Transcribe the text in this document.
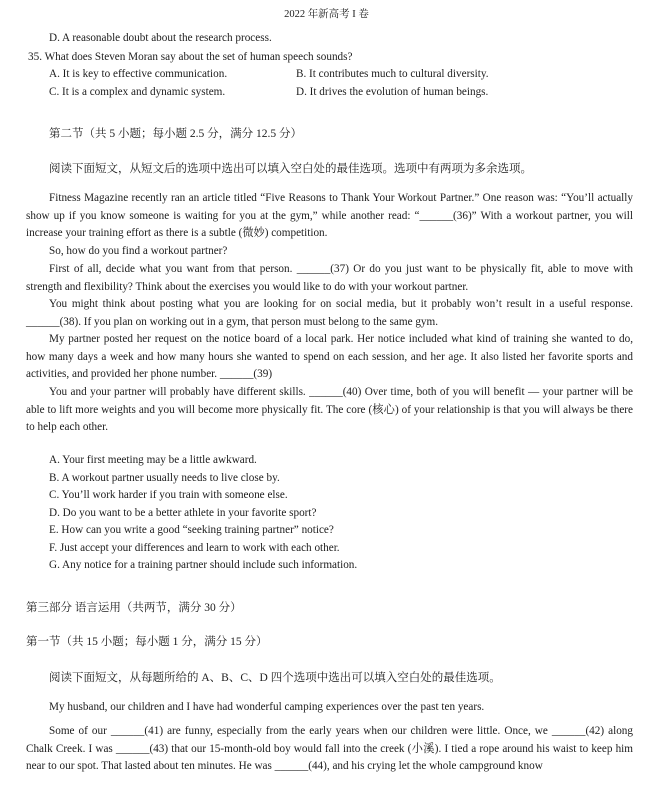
2022 年新高考 I 卷
D. A reasonable doubt about the research process.
35. What does Steven Moran say about the set of human speech sounds?
A. It is key to effective communication.	B. It contributes much to cultural diversity.
C. It is a complex and dynamic system.	D. It drives the evolution of human beings.
第二节（共 5 小题；每小题 2.5 分，满分 12.5 分）
阅读下面短文，从短文后的选项中选出可以填入空白处的最佳选项。选项中有两项为多余选项。
Fitness Magazine recently ran an article titled “Five Reasons to Thank Your Workout Partner.” One reason was: “You’ll actually show up if you know someone is waiting for you at the gym,” while another read: “______(36)” With a workout partner, you will increase your training effort as there is a subtle (微妙) competition.
So, how do you find a workout partner?
First of all, decide what you want from that person. ______(37) Or do you just want to be physically fit, able to move with strength and flexibility? Think about the exercises you would like to do with your workout partner.
You might think about posting what you are looking for on social media, but it probably won’t result in a useful response. ______(38). If you plan on working out in a gym, that person must belong to the same gym.
My partner posted her request on the notice board of a local park. Her notice included what kind of training she wanted to do, how many days a week and how many hours she wanted to spend on each session, and her age. It also listed her favorite sports and activities, and provided her phone number. ______(39)
You and your partner will probably have different skills. ______(40) Over time, both of you will benefit — your partner will be able to lift more weights and you will become more physically fit. The core (核心) of your relationship is that you will always be there to help each other.
A. Your first meeting may be a little awkward.
B. A workout partner usually needs to live close by.
C. You’ll work harder if you train with someone else.
D. Do you want to be a better athlete in your favorite sport?
E. How can you write a good “seeking training partner” notice?
F. Just accept your differences and learn to work with each other.
G. Any notice for a training partner should include such information.
第三部分 语言运用（共两节，满分 30 分）
第一节（共 15 小题；每小题 1 分，满分 15 分）
阅读下面短文，从每题所给的 A、B、C、D 四个选项中选出可以填入空白处的最佳选项。
My husband, our children and I have had wonderful camping experiences over the past ten years.
Some of our ______(41) are funny, especially from the early years when our children were little. Once, we ______(42) along Chalk Creek. I was ______(43) that our 15-month-old boy would fall into the creek (小溪). I tied a rope around his waist to keep him near to our spot. That lasted about ten minutes. He was ______(44), and his crying let the whole campground know
